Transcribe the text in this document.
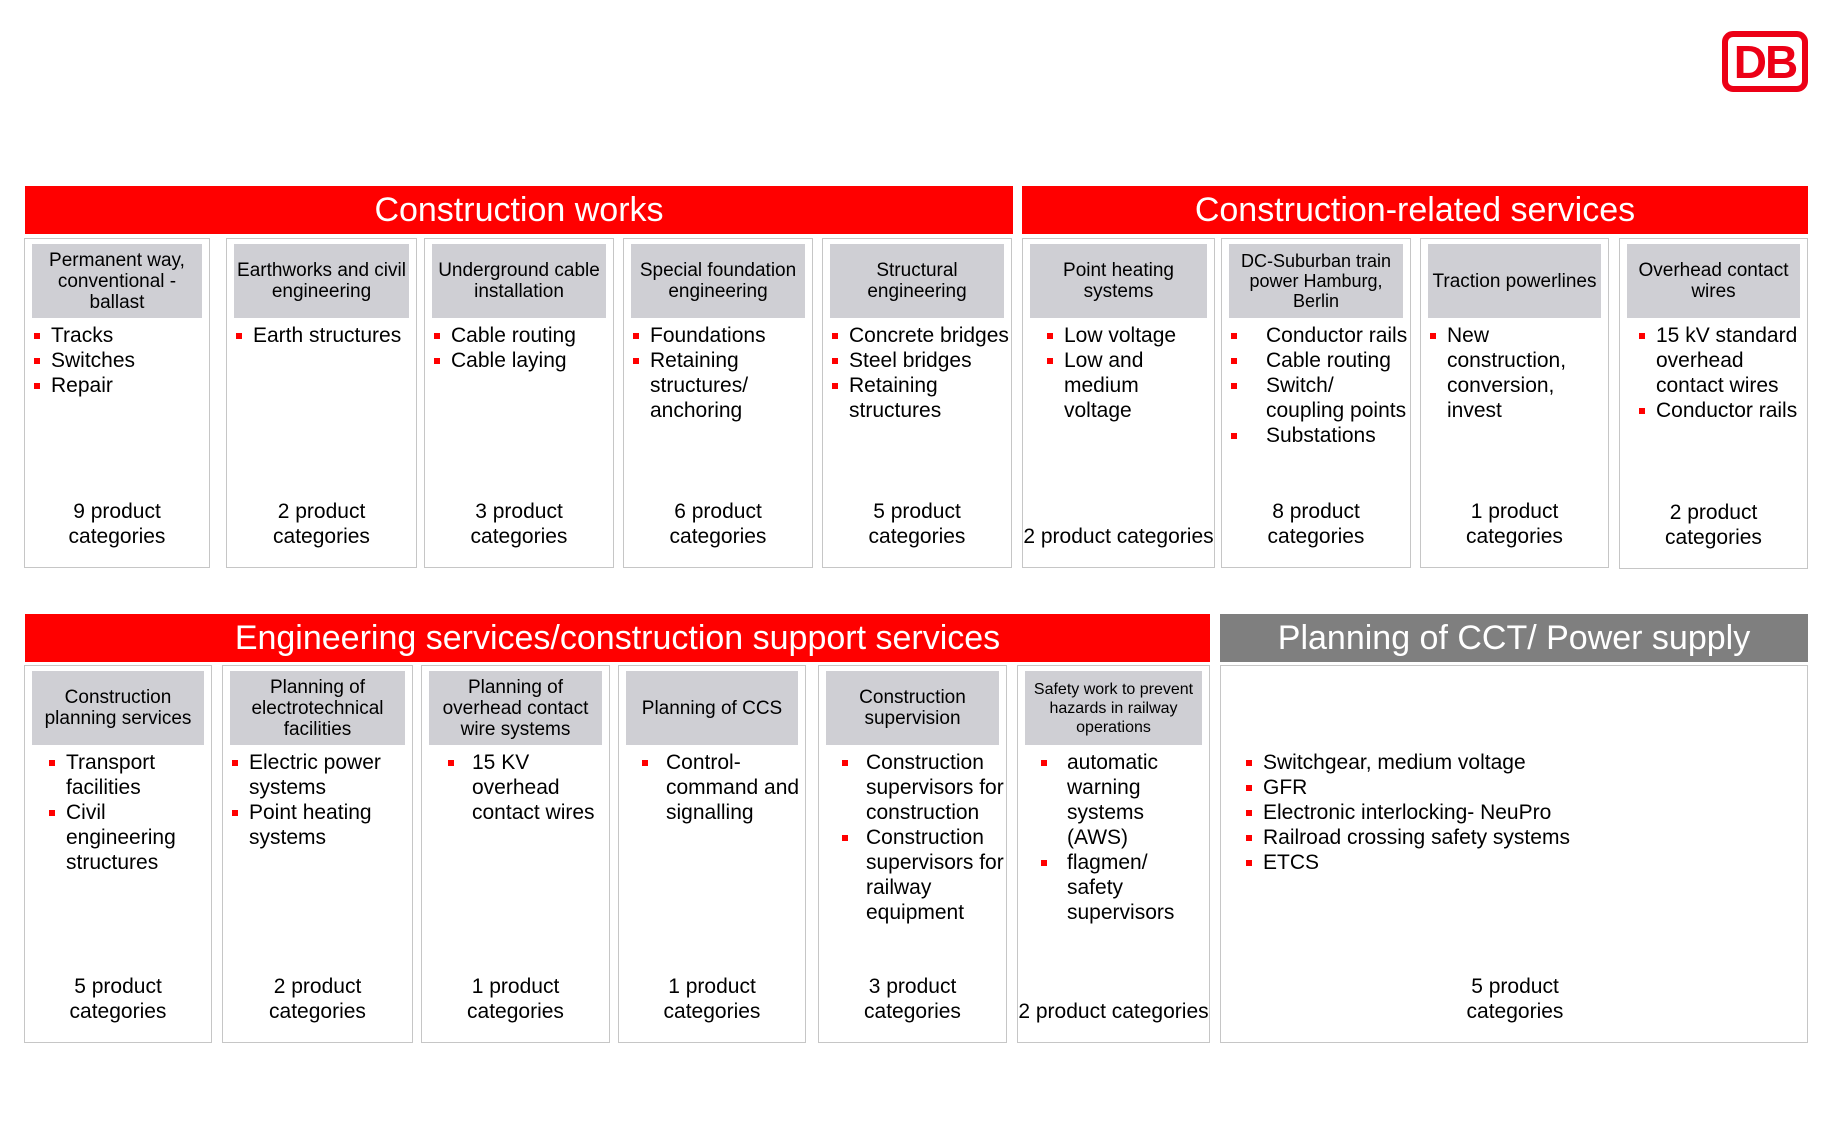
DB
Construction works	Construction-related services
Engineering services/construction support services	Planning of CCT/ Power supply
Permanent way, conventional - ballast
Tracks
Switches
Repair
9 product categories
Earthworks and civil engineering
Earth structures
2 product categories
Underground cable installation
Cable routing
Cable laying
3 product categories
Special foundation engineering
Foundations
Retaining structures/ anchoring
6 product categories
Structural engineering
Concrete bridges
Steel bridges
Retaining structures
5 product categories
Point heating systems
Low voltage
Low and medium voltage
2 product categories
DC-Suburban train power Hamburg, Berlin
Conductor rails
Cable routing
Switch/ coupling points
Substations
8 product categories
Traction powerlines
New construction, conversion, invest
1 product categories
Overhead contact wires
15 kV standard overhead contact wires
Conductor rails
2 product categories
Construction planning services
Transport facilities
Civil engineering structures
5 product categories
Planning of electrotechnical facilities
Electric power systems
Point heating systems
2 product categories
Planning of overhead contact wire systems
15 KV overhead contact wires
1 product categories
Planning of CCS
Control-command and signalling
1 product categories
Construction supervision
Construction supervisors for construction
Construction supervisors for railway equipment
3 product categories
Safety work to prevent hazards in railway operations
automatic warning systems (AWS)
flagmen/ safety supervisors
2 product categories
Switchgear, medium voltage
GFR
Electronic interlocking- NeuPro
Railroad crossing safety systems
ETCS
5 product categories
